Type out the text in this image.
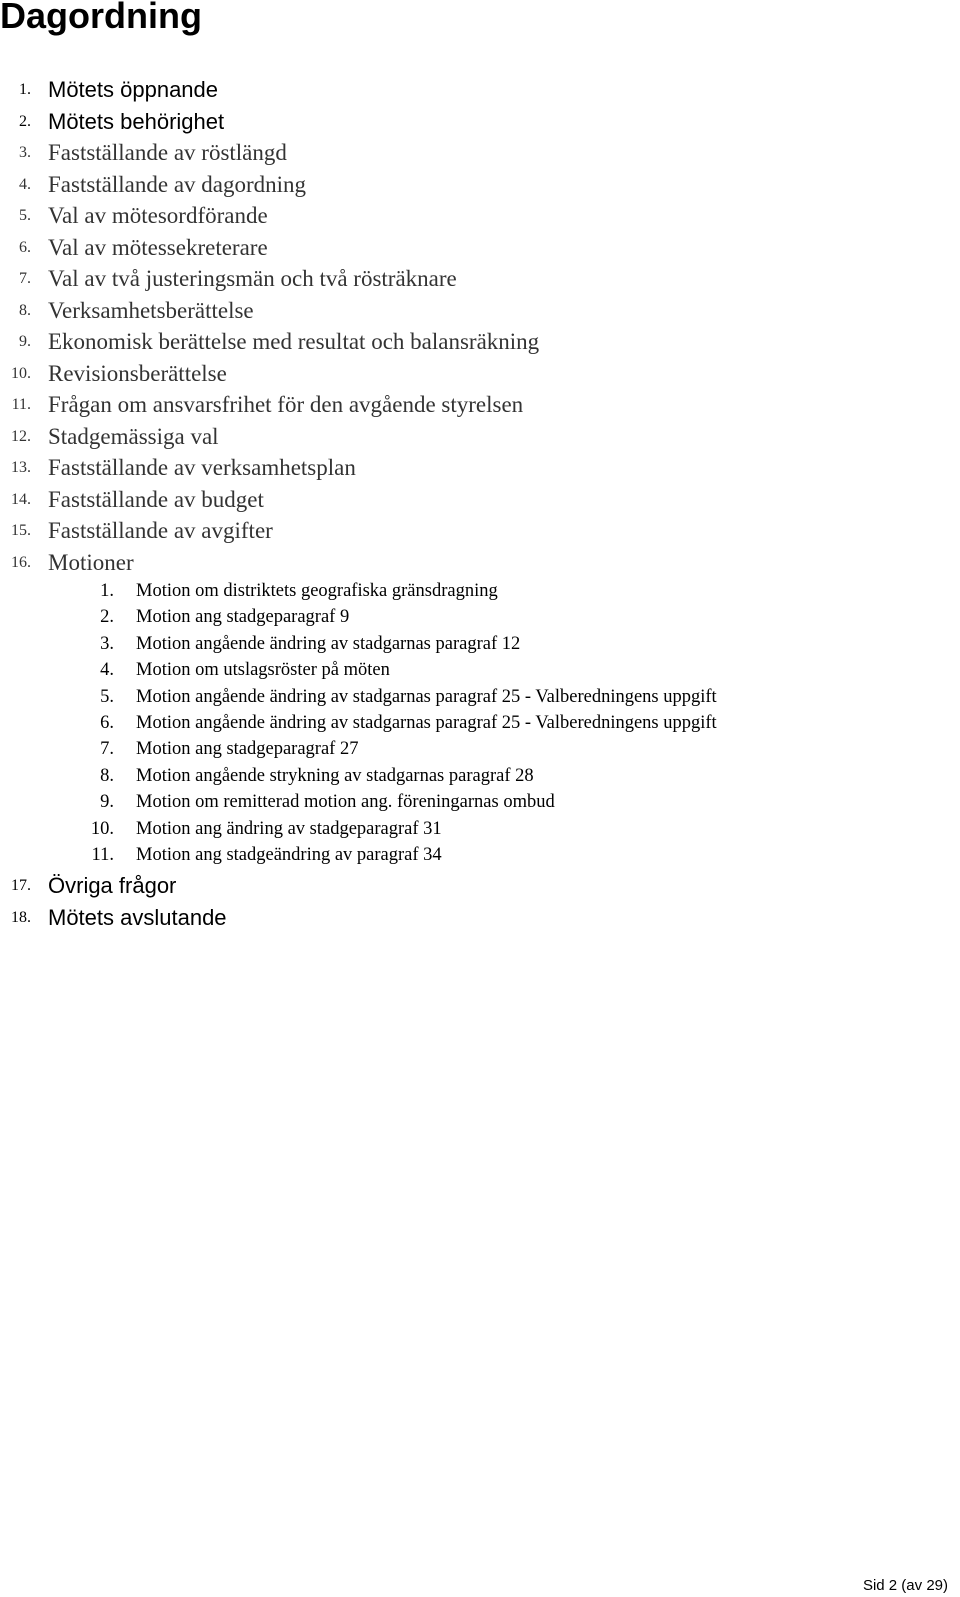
Dagordning
1. Mötets öppnande
2. Mötets behörighet
3. Fastställande av röstlängd
4. Fastställande av dagordning
5. Val av mötesordförande
6. Val av mötessekreterare
7. Val av två justeringsmän och två rösträknare
8. Verksamhetsberättelse
9. Ekonomisk berättelse med resultat och balansräkning
10. Revisionsberättelse
11. Frågan om ansvarsfrihet för den avgående styrelsen
12. Stadgemässiga val
13. Fastställande av verksamhetsplan
14. Fastställande av budget
15. Fastställande av avgifter
16. Motioner
1. Motion om distriktets geografiska gränsdragning
2. Motion ang stadgeparagraf 9
3. Motion angående ändring av stadgarnas paragraf 12
4. Motion om utslagsröster på möten
5. Motion angående ändring av stadgarnas paragraf 25 - Valberedningens uppgift
6. Motion angående ändring av stadgarnas paragraf 25 - Valberedningens uppgift
7. Motion ang stadgeparagraf 27
8. Motion angående strykning av stadgarnas paragraf 28
9. Motion om remitterad motion ang. föreningarnas ombud
10. Motion ang ändring av stadgeparagraf 31
11. Motion ang stadgeändring av paragraf 34
17. Övriga frågor
18. Mötets avslutande
Sid 2 (av 29)
